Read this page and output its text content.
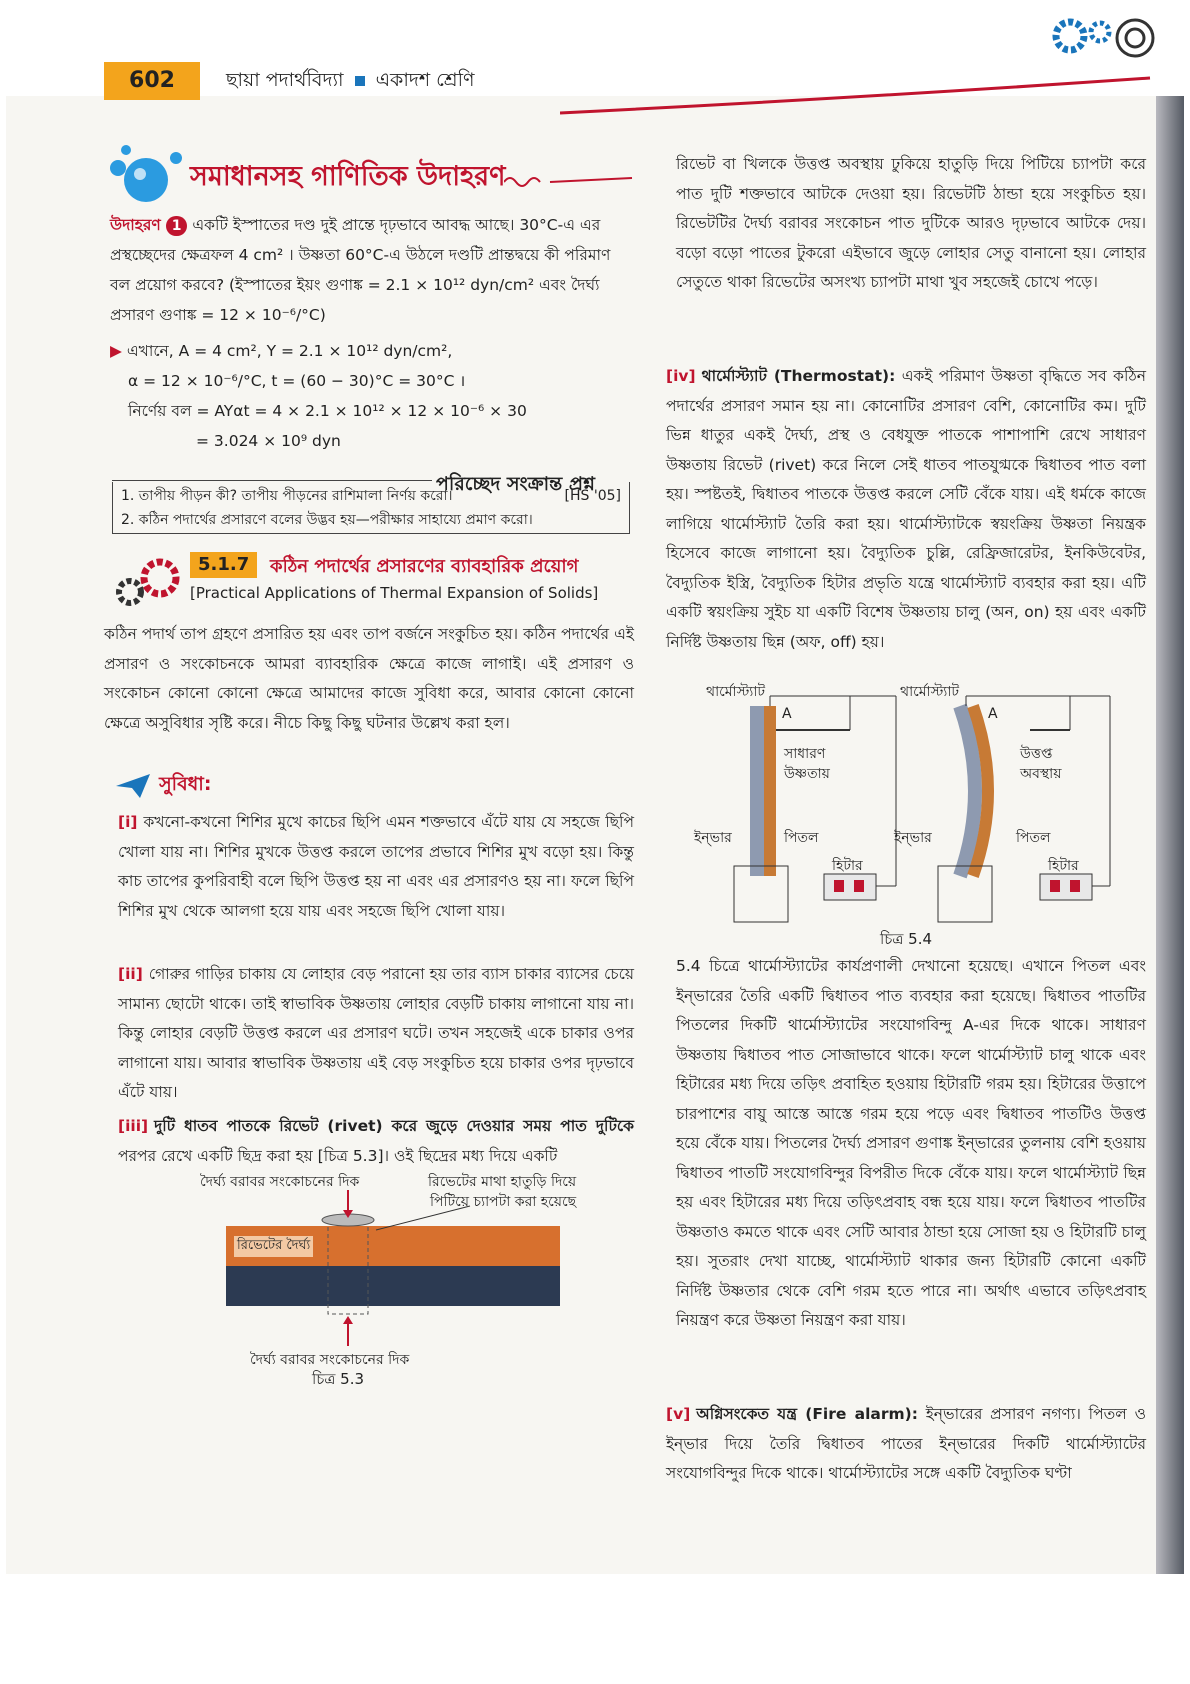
602	ছায়া পদার্থবিদ্যা একাদশ শ্রেণি
সমাধানসহ গাণিতিক উদাহরণ

উদাহরণ 1 একটি ইস্পাতের দণ্ড দুই প্রান্তে দৃঢ়ভাবে আবদ্ধ আছে। 30°C-এ এর প্রস্থচ্ছেদের ক্ষেত্রফল 4 cm² । উষ্ণতা 60°C-এ উঠলে দণ্ডটি প্রান্তদ্বয়ে কী পরিমাণ বল প্রয়োগ করবে? (ইস্পাতের ইয়ং গুণাঙ্ক = 2.1 × 10¹² dyn/cm² এবং দৈর্ঘ্য প্রসারণ গুণাঙ্ক = 12 × 10⁻⁶/°C)

▶ এখানে, A = 4 cm², Y = 2.1 × 10¹² dyn/cm²,

α = 12 × 10⁻⁶/°C, t = (60 − 30)°C = 30°C ।

নির্ণেয় বল = AYαt = 4 × 2.1 × 10¹² × 12 × 10⁻⁶ × 30

= 3.024 × 10⁹ dyn

পরিচ্ছেদ সংক্রান্ত প্রশ্ন
1. তাপীয় পীড়ন কী? তাপীয় পীড়নের রাশিমালা নির্ণয় করো।	[HS '05]
2. কঠিন পদার্থের প্রসারণে বলের উদ্ভব হয়—পরীক্ষার সাহায্যে প্রমাণ করো।
5.1.7	কঠিন পদার্থের প্রসারণের ব্যাবহারিক প্রয়োগ
[Practical Applications of Thermal Expansion of Solids]
কঠিন পদার্থ তাপ গ্রহণে প্রসারিত হয় এবং তাপ বর্জনে সংকুচিত হয়। কঠিন পদার্থের এই প্রসারণ ও সংকোচনকে আমরা ব্যাবহারিক ক্ষেত্রে কাজে লাগাই। এই প্রসারণ ও সংকোচন কোনো কোনো ক্ষেত্রে আমাদের কাজে সুবিধা করে, আবার কোনো কোনো ক্ষেত্রে অসুবিধার সৃষ্টি করে। নীচে কিছু কিছু ঘটনার উল্লেখ করা হল।
সুবিধা:
[i] কখনো-কখনো শিশির মুখে কাচের ছিপি এমন শক্তভাবে এঁটে যায় যে সহজে ছিপি খোলা যায় না। শিশির মুখকে উত্তপ্ত করলে তাপের প্রভাবে শিশির মুখ বড়ো হয়। কিন্তু কাচ তাপের কুপরিবাহী বলে ছিপি উত্তপ্ত হয় না এবং এর প্রসারণও হয় না। ফলে ছিপি শিশির মুখ থেকে আলগা হয়ে যায় এবং সহজে ছিপি খোলা যায়।
[ii] গোরুর গাড়ির চাকায় যে লোহার বেড় পরানো হয় তার ব্যাস চাকার ব্যাসের চেয়ে সামান্য ছোটো থাকে। তাই স্বাভাবিক উষ্ণতায় লোহার বেড়টি চাকায় লাগানো যায় না। কিন্তু লোহার বেড়টি উত্তপ্ত করলে এর প্রসারণ ঘটে। তখন সহজেই একে চাকার ওপর লাগানো যায়। আবার স্বাভাবিক উষ্ণতায় এই বেড় সংকুচিত হয়ে চাকার ওপর দৃঢ়ভাবে এঁটে যায়।
[iii] দুটি ধাতব পাতকে রিভেট (rivet) করে জুড়ে দেওয়ার সময় পাত দুটিকে পরপর রেখে একটি ছিদ্র করা হয় [চিত্র 5.3]। ওই ছিদ্রের মধ্য দিয়ে একটি
দৈর্ঘ্য বরাবর সংকোচনের দিক	রিভেটের মাথা হাতুড়ি দিয়ে
পিটিয়ে চ্যাপটা করা হয়েছে
রিভেটের দৈর্ঘ্য
দৈর্ঘ্য বরাবর সংকোচনের দিক
চিত্র 5.3
রিভেট বা খিলকে উত্তপ্ত অবস্থায় ঢুকিয়ে হাতুড়ি দিয়ে পিটিয়ে চ্যাপটা করে পাত দুটি শক্তভাবে আটকে দেওয়া হয়। রিভেটটি ঠান্ডা হয়ে সংকুচিত হয়। রিভেটটির দৈর্ঘ্য বরাবর সংকোচন পাত দুটিকে আরও দৃঢ়ভাবে আটকে দেয়। বড়ো বড়ো পাতের টুকরো এইভাবে জুড়ে লোহার সেতু বানানো হয়। লোহার সেতুতে থাকা রিভেটের অসংখ্য চ্যাপটা মাথা খুব সহজেই চোখে পড়ে।
[iv] থার্মোস্ট্যাট (Thermostat): একই পরিমাণ উষ্ণতা বৃদ্ধিতে সব কঠিন পদার্থের প্রসারণ সমান হয় না। কোনোটির প্রসারণ বেশি, কোনোটির কম। দুটি ভিন্ন ধাতুর একই দৈর্ঘ্য, প্রস্থ ও বেধযুক্ত পাতকে পাশাপাশি রেখে সাধারণ উষ্ণতায় রিভেট (rivet) করে নিলে সেই ধাতব পাতযুগ্মকে দ্বিধাতব পাত বলা হয়। স্পষ্টতই, দ্বিধাতব পাতকে উত্তপ্ত করলে সেটি বেঁকে যায়। এই ধর্মকে কাজে লাগিয়ে থার্মোস্ট্যাট তৈরি করা হয়। থার্মোস্ট্যাটকে স্বয়ংক্রিয় উষ্ণতা নিয়ন্ত্রক হিসেবে কাজে লাগানো হয়। বৈদ্যুতিক চুল্লি, রেফ্রিজারেটর, ইনকিউবেটর, বৈদ্যুতিক ইস্ত্রি, বৈদ্যুতিক হিটার প্রভৃতি যন্ত্রে থার্মোস্ট্যাট ব্যবহার করা হয়। এটি একটি স্বয়ংক্রিয় সুইচ যা একটি বিশেষ উষ্ণতায় চালু (অন, on) হয় এবং একটি নির্দিষ্ট উষ্ণতায় ছিন্ন (অফ, off) হয়।
থার্মোস্ট্যাট	থার্মোস্ট্যাট
A	A
সাধারণ
উষ্ণতায়
উত্তপ্ত
অবস্থায়
ইন্ভার	পিতল	ইন্ভার	পিতল
হিটার	হিটার
চিত্র 5.4
5.4 চিত্রে থার্মোস্ট্যাটের কার্যপ্রণালী দেখানো হয়েছে। এখানে পিতল এবং ইন্ভারের তৈরি একটি দ্বিধাতব পাত ব্যবহার করা হয়েছে। দ্বিধাতব পাতটির পিতলের দিকটি থার্মোস্ট্যাটের সংযোগবিন্দু A-এর দিকে থাকে। সাধারণ উষ্ণতায় দ্বিধাতব পাত সোজাভাবে থাকে। ফলে থার্মোস্ট্যাট চালু থাকে এবং হিটারের মধ্য দিয়ে তড়িৎ প্রবাহিত হওয়ায় হিটারটি গরম হয়। হিটারের উত্তাপে চারপাশের বায়ু আস্তে আস্তে গরম হয়ে পড়ে এবং দ্বিধাতব পাতটিও উত্তপ্ত হয়ে বেঁকে যায়। পিতলের দৈর্ঘ্য প্রসারণ গুণাঙ্ক ইন্ভারের তুলনায় বেশি হওয়ায় দ্বিধাতব পাতটি সংযোগবিন্দুর বিপরীত দিকে বেঁকে যায়। ফলে থার্মোস্ট্যাট ছিন্ন হয় এবং হিটারের মধ্য দিয়ে তড়িৎপ্রবাহ বন্ধ হয়ে যায়। ফলে দ্বিধাতব পাতটির উষ্ণতাও কমতে থাকে এবং সেটি আবার ঠান্ডা হয়ে সোজা হয় ও হিটারটি চালু হয়। সুতরাং দেখা যাচ্ছে, থার্মোস্ট্যাট থাকার জন্য হিটারটি কোনো একটি নির্দিষ্ট উষ্ণতার থেকে বেশি গরম হতে পারে না। অর্থাৎ এভাবে তড়িৎপ্রবাহ নিয়ন্ত্রণ করে উষ্ণতা নিয়ন্ত্রণ করা যায়।
[v] অগ্নিসংকেত যন্ত্র (Fire alarm): ইন্ভারের প্রসারণ নগণ্য। পিতল ও ইন্ভার দিয়ে তৈরি দ্বিধাতব পাতের ইন্ভারের দিকটি থার্মোস্ট্যাটের সংযোগবিন্দুর দিকে থাকে। থার্মোস্ট্যাটের সঙ্গে একটি বৈদ্যুতিক ঘণ্টা
